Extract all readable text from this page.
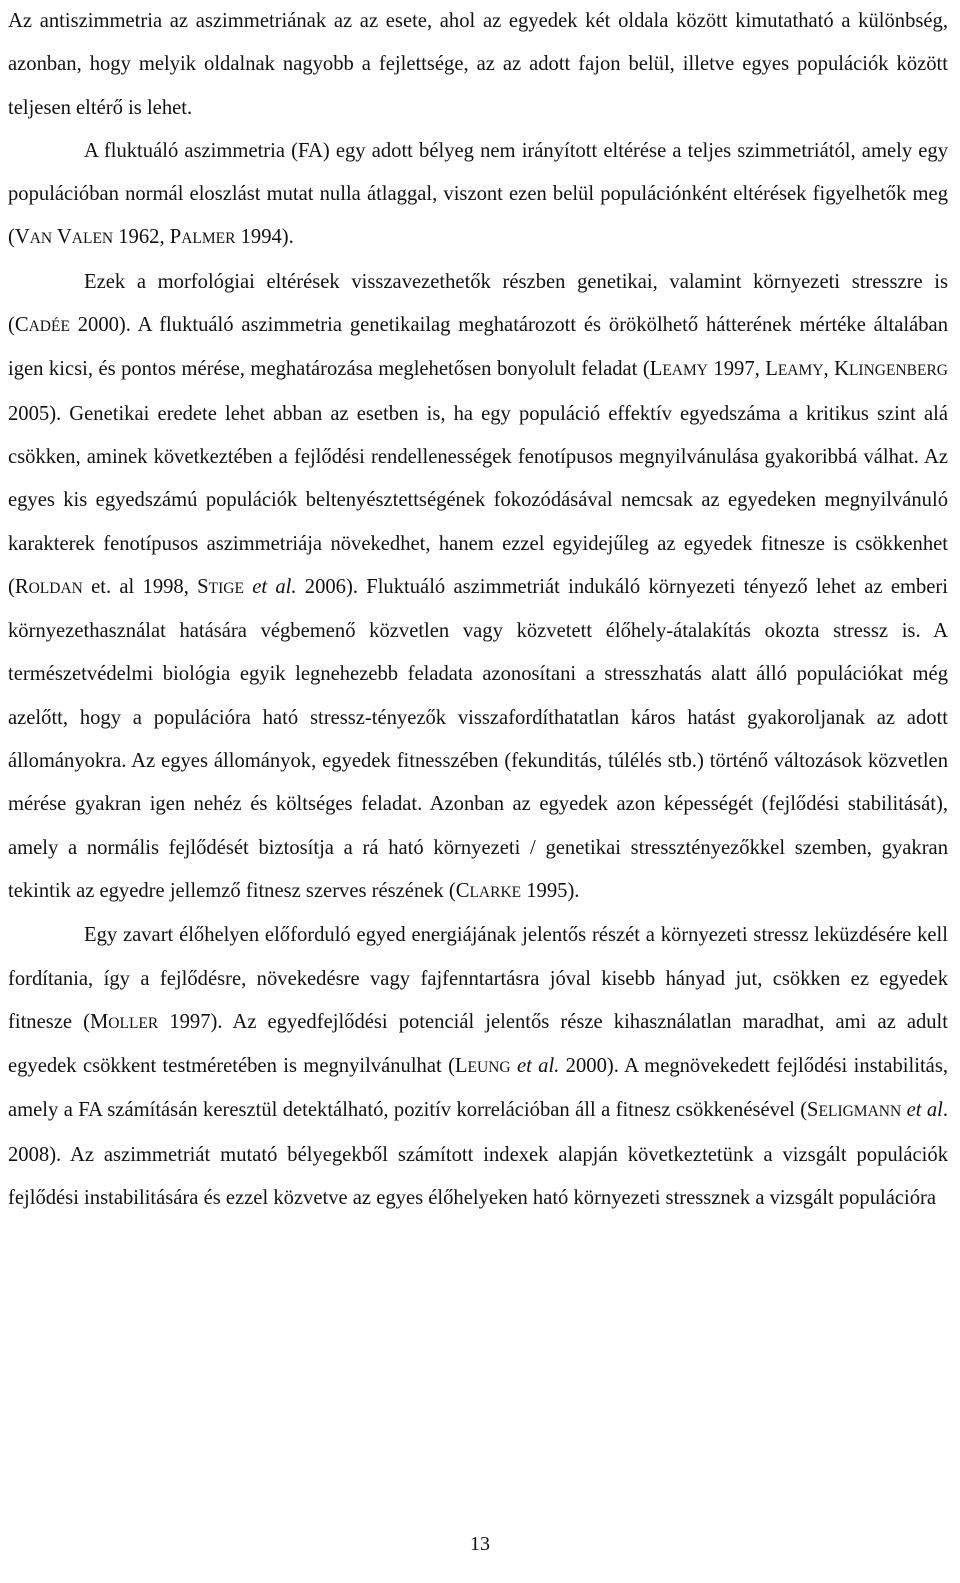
Az antiszimmetria az aszimmetriának az az esete, ahol az egyedek két oldala között kimutatható a különbség, azonban, hogy melyik oldalnak nagyobb a fejlettsége, az az adott fajon belül, illetve egyes populációk között teljesen eltérő is lehet.

A fluktuáló aszimmetria (FA) egy adott bélyeg nem irányított eltérése a teljes szimmetriától, amely egy populációban normál eloszlást mutat nulla átlaggal, viszont ezen belül populációnként eltérések figyelhetők meg (VAN VALEN 1962, PALMER 1994).

Ezek a morfológiai eltérések visszavezethetők részben genetikai, valamint környezeti stresszre is (CADÉE 2000). A fluktuáló aszimmetria genetikailag meghatározott és örökölhető hátterének mértéke általában igen kicsi, és pontos mérése, meghatározása meglehetősen bonyolult feladat (LEAMY 1997, LEAMY, KLINGENBERG 2005). Genetikai eredete lehet abban az esetben is, ha egy populáció effektív egyedszáma a kritikus szint alá csökken, aminek következtében a fejlődési rendellenességek fenotípusos megnyilvánulása gyakoribbá válhat. Az egyes kis egyedszámú populációk beltenyésztettségének fokozódásával nemcsak az egyedeken megnyilvánuló karakterek fenotípusos aszimmetriája növekedhet, hanem ezzel egyidejűleg az egyedek fitnesze is csökkenhet (ROLDAN et. al 1998, STIGE et al. 2006). Fluktuáló aszimmetriát indukáló környezeti tényező lehet az emberi környezethasználat hatására végbemenő közvetlen vagy közvetett élőhely-átalakítás okozta stressz is. A természetvédelmi biológia egyik legnehezebb feladata azonosítani a stresszhatás alatt álló populációkat még azelőtt, hogy a populációra ható stressz-tényezők visszafordíthatatlan káros hatást gyakoroljanak az adott állományokra. Az egyes állományok, egyedek fitnesszében (fekunditás, túlélés stb.) történő változások közvetlen mérése gyakran igen nehéz és költséges feladat. Azonban az egyedek azon képességét (fejlődési stabilitását), amely a normális fejlődését biztosítja a rá ható környezeti / genetikai stressztényezőkkel szemben, gyakran tekintik az egyedre jellemző fitnesz szerves részének (CLARKE 1995).

Egy zavart élőhelyen előforduló egyed energiájának jelentős részét a környezeti stressz leküzdésére kell fordítania, így a fejlődésre, növekedésre vagy fajfenntartásra jóval kisebb hányad jut, csökken ez egyedek fitnesze (MOLLER 1997). Az egyedfejlődési potenciál jelentős része kihasználatlan maradhat, ami az adult egyedek csökkent testméretében is megnyilvánulhat (LEUNG et al. 2000). A megnövekedett fejlődési instabilitás, amely a FA számításán keresztül detektálható, pozitív korrelációban áll a fitnesz csökkenésével (SELIGMANN et al. 2008). Az aszimmetriát mutató bélyegekből számított indexek alapján következtetünk a vizsgált populációk fejlődési instabilitására és ezzel közvetve az egyes élőhelyeken ható környezeti stressznek a vizsgált populációra

13
